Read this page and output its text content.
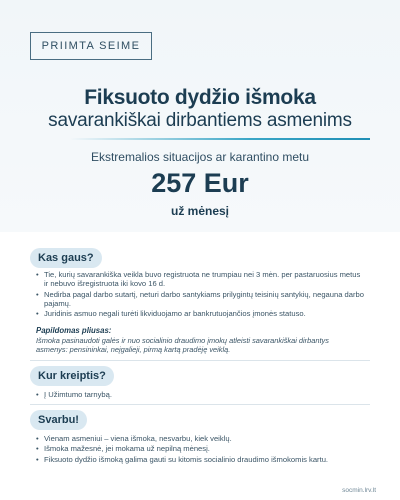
PRIIMTA SEIME
Fiksuoto dydžio išmoka
savarankiškai dirbantiems asmenims
Ekstremalios situacijos ar karantino metu
257 Eur
už mėnesį
Kas gaus?
• Tie, kurių savarankiška veikla buvo registruota ne trumpiau nei 3 mėn. per pastaruosius metus ir nebuvo išregistruota iki kovo 16 d.
• Nedirba pagal darbo sutartį, neturi darbo santykiams prilygintų teisinių santykių, negauna darbo pajamų.
• Juridinis asmuo negali turėti likviduojamo ar bankrutuojančios įmonės statuso.
Papildomas pliusas:
Išmoka pasinaudoti galės ir nuo socialinio draudimo įmokų atleisti savarankiškai dirbantys asmenys: pensininkai, neįgalieji, pirmą kartą pradėję veiklą.
Kur kreiptis?
• Į Užimtumo tarnybą.
Svarbu!
• Vienam asmeniui – viena išmoka, nesvarbu, kiek veiklų.
• Išmoka mažesnė, jei mokama už nepilną mėnesį.
• Fiksuoto dydžio išmoką galima gauti su kitomis socialinio draudimo išmokomis kartu.
socmin.lrv.lt
